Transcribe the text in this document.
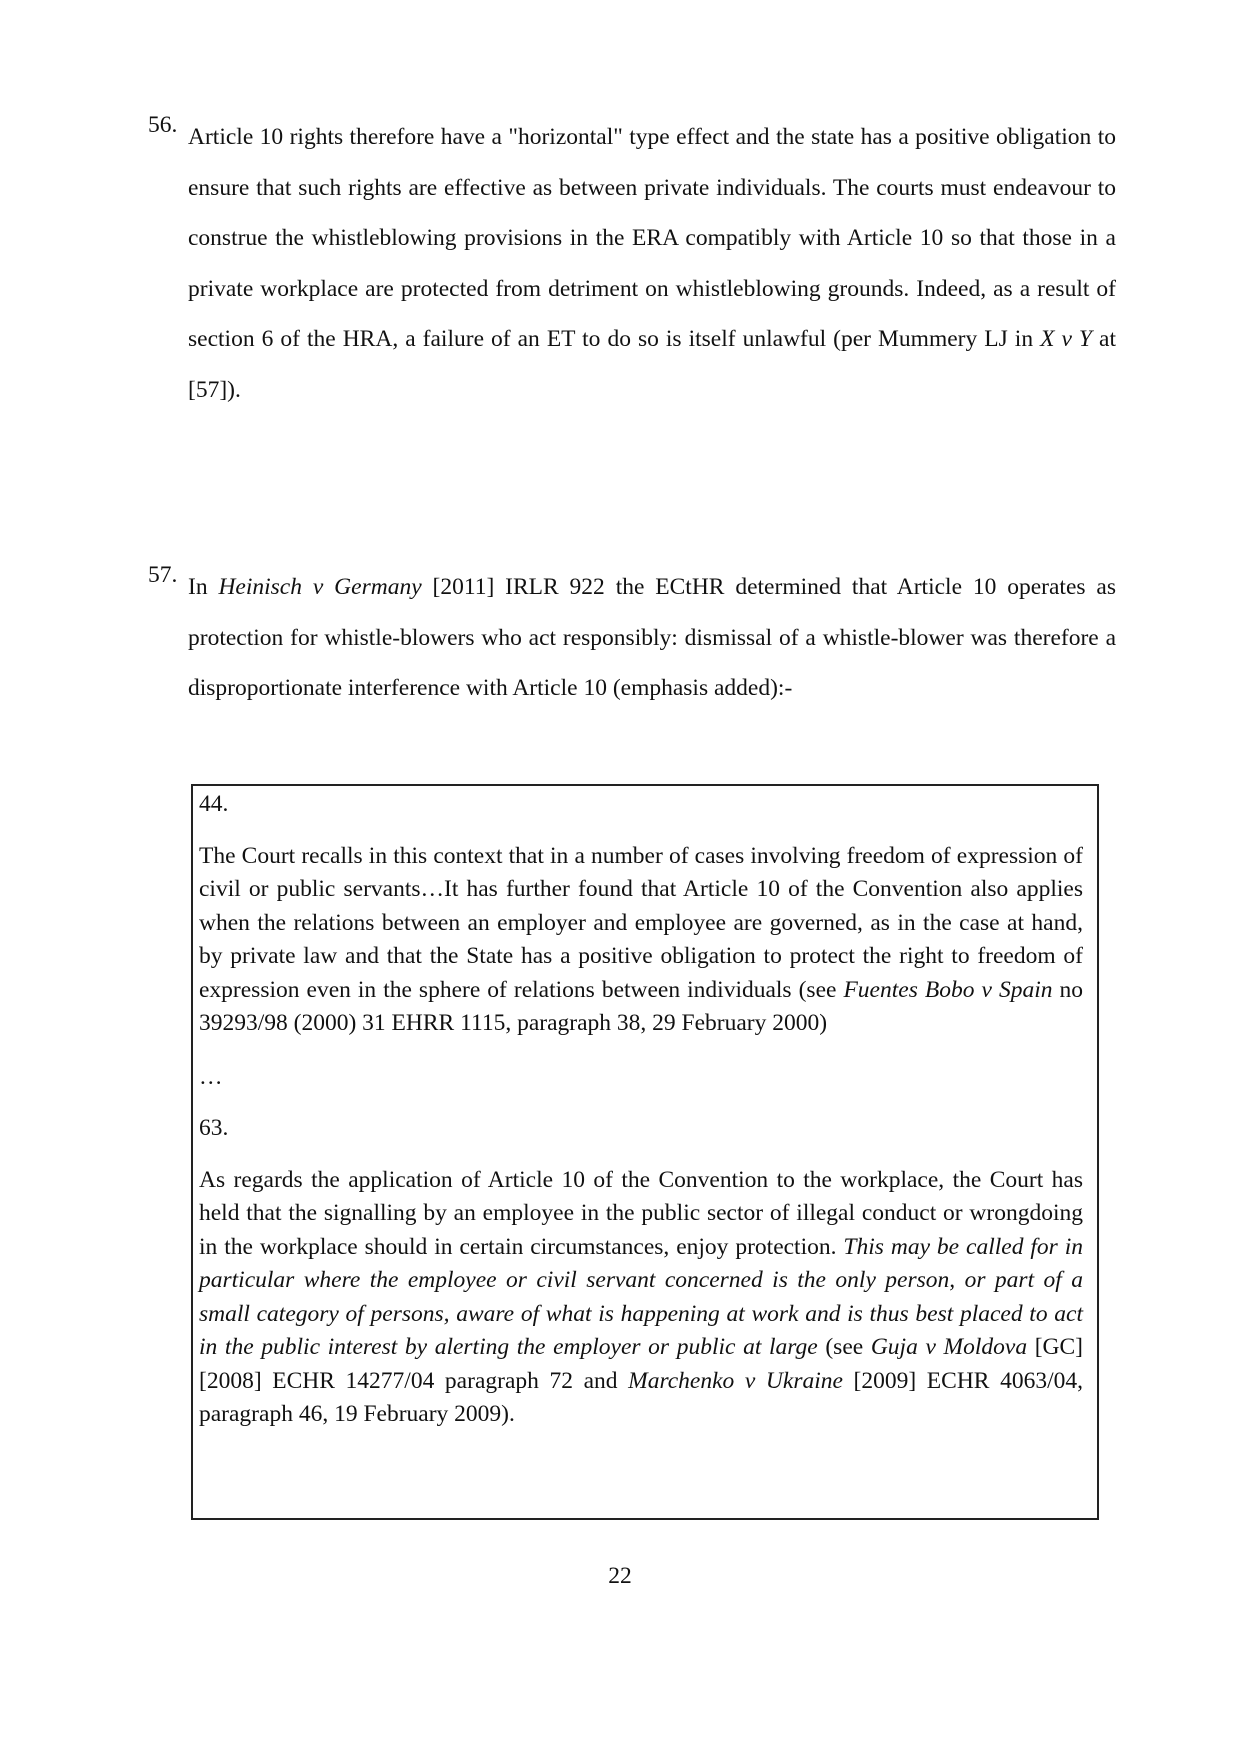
56. Article 10 rights therefore have a "horizontal" type effect and the state has a positive obligation to ensure that such rights are effective as between private individuals. The courts must endeavour to construe the whistleblowing provisions in the ERA compatibly with Article 10 so that those in a private workplace are protected from detriment on whistleblowing grounds. Indeed, as a result of section 6 of the HRA, a failure of an ET to do so is itself unlawful (per Mummery LJ in X v Y at [57]).
57. In Heinisch v Germany [2011] IRLR 922 the ECtHR determined that Article 10 operates as protection for whistle-blowers who act responsibly: dismissal of a whistle-blower was therefore a disproportionate interference with Article 10 (emphasis added):-

44.

The Court recalls in this context that in a number of cases involving freedom of expression of civil or public servants…It has further found that Article 10 of the Convention also applies when the relations between an employer and employee are governed, as in the case at hand, by private law and that the State has a positive obligation to protect the right to freedom of expression even in the sphere of relations between individuals (see Fuentes Bobo v Spain no 39293/98 (2000) 31 EHRR 1115, paragraph 38, 29 February 2000)

…

63.

As regards the application of Article 10 of the Convention to the workplace, the Court has held that the signalling by an employee in the public sector of illegal conduct or wrongdoing in the workplace should in certain circumstances, enjoy protection. This may be called for in particular where the employee or civil servant concerned is the only person, or part of a small category of persons, aware of what is happening at work and is thus best placed to act in the public interest by alerting the employer or public at large (see Guja v Moldova [GC] [2008] ECHR 14277/04 paragraph 72 and Marchenko v Ukraine [2009] ECHR 4063/04, paragraph 46, 19 February 2009).

22
